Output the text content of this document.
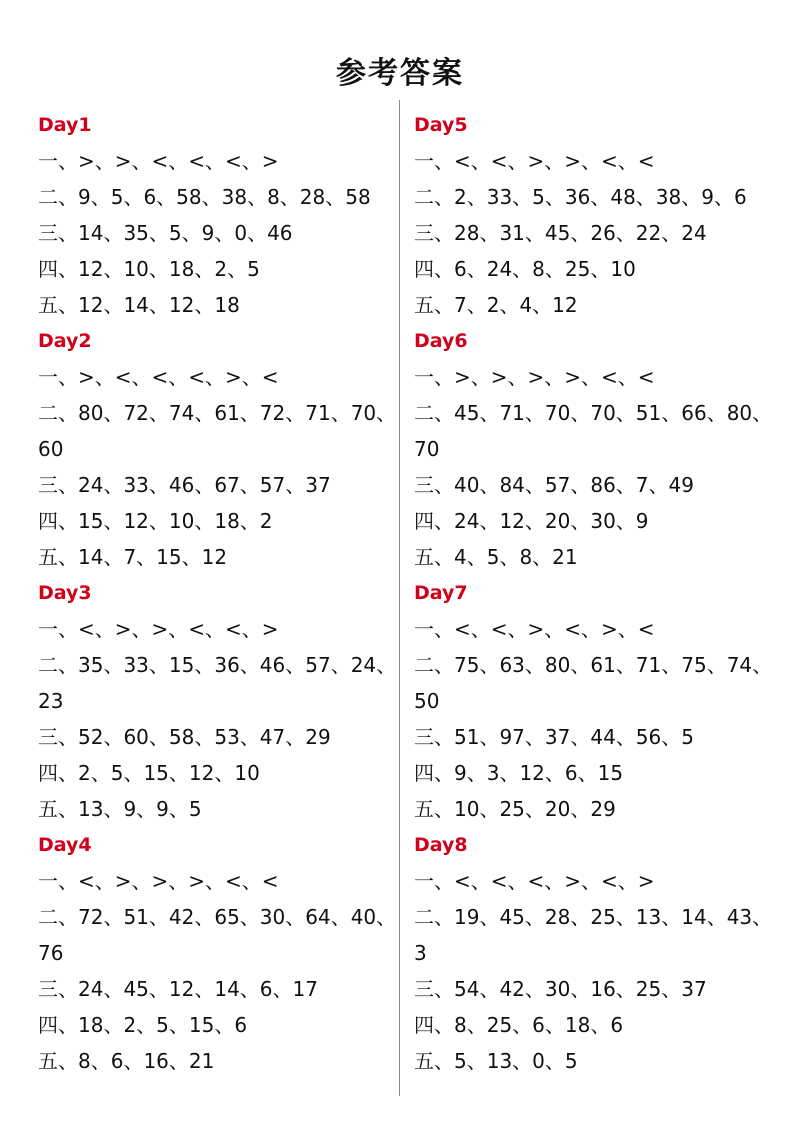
参考答案
Day1
一、>、>、<、<、<、>
二、9、5、6、58、38、8、28、58
三、14、35、5、9、0、46
四、12、10、18、2、5
五、12、14、12、18
Day2
一、>、<、<、<、>、<
二、80、72、74、61、72、71、70、
60
三、24、33、46、67、57、37
四、15、12、10、18、2
五、14、7、15、12
Day3
一、<、>、>、<、<、>
二、35、33、15、36、46、57、24、
23
三、52、60、58、53、47、29
四、2、5、15、12、10
五、13、9、9、5
Day4
一、<、>、>、>、<、<
二、72、51、42、65、30、64、40、
76
三、24、45、12、14、6、17
四、18、2、5、15、6
五、8、6、16、21
Day5
一、<、<、>、>、<、<
二、2、33、5、36、48、38、9、6
三、28、31、45、26、22、24
四、6、24、8、25、10
五、7、2、4、12
Day6
一、>、>、>、>、<、<
二、45、71、70、70、51、66、80、
70
三、40、84、57、86、7、49
四、24、12、20、30、9
五、4、5、8、21
Day7
一、<、<、>、<、>、<
二、75、63、80、61、71、75、74、
50
三、51、97、37、44、56、5
四、9、3、12、6、15
五、10、25、20、29
Day8
一、<、<、<、>、<、>
二、19、45、28、25、13、14、43、
3
三、54、42、30、16、25、37
四、8、25、6、18、6
五、5、13、0、5
